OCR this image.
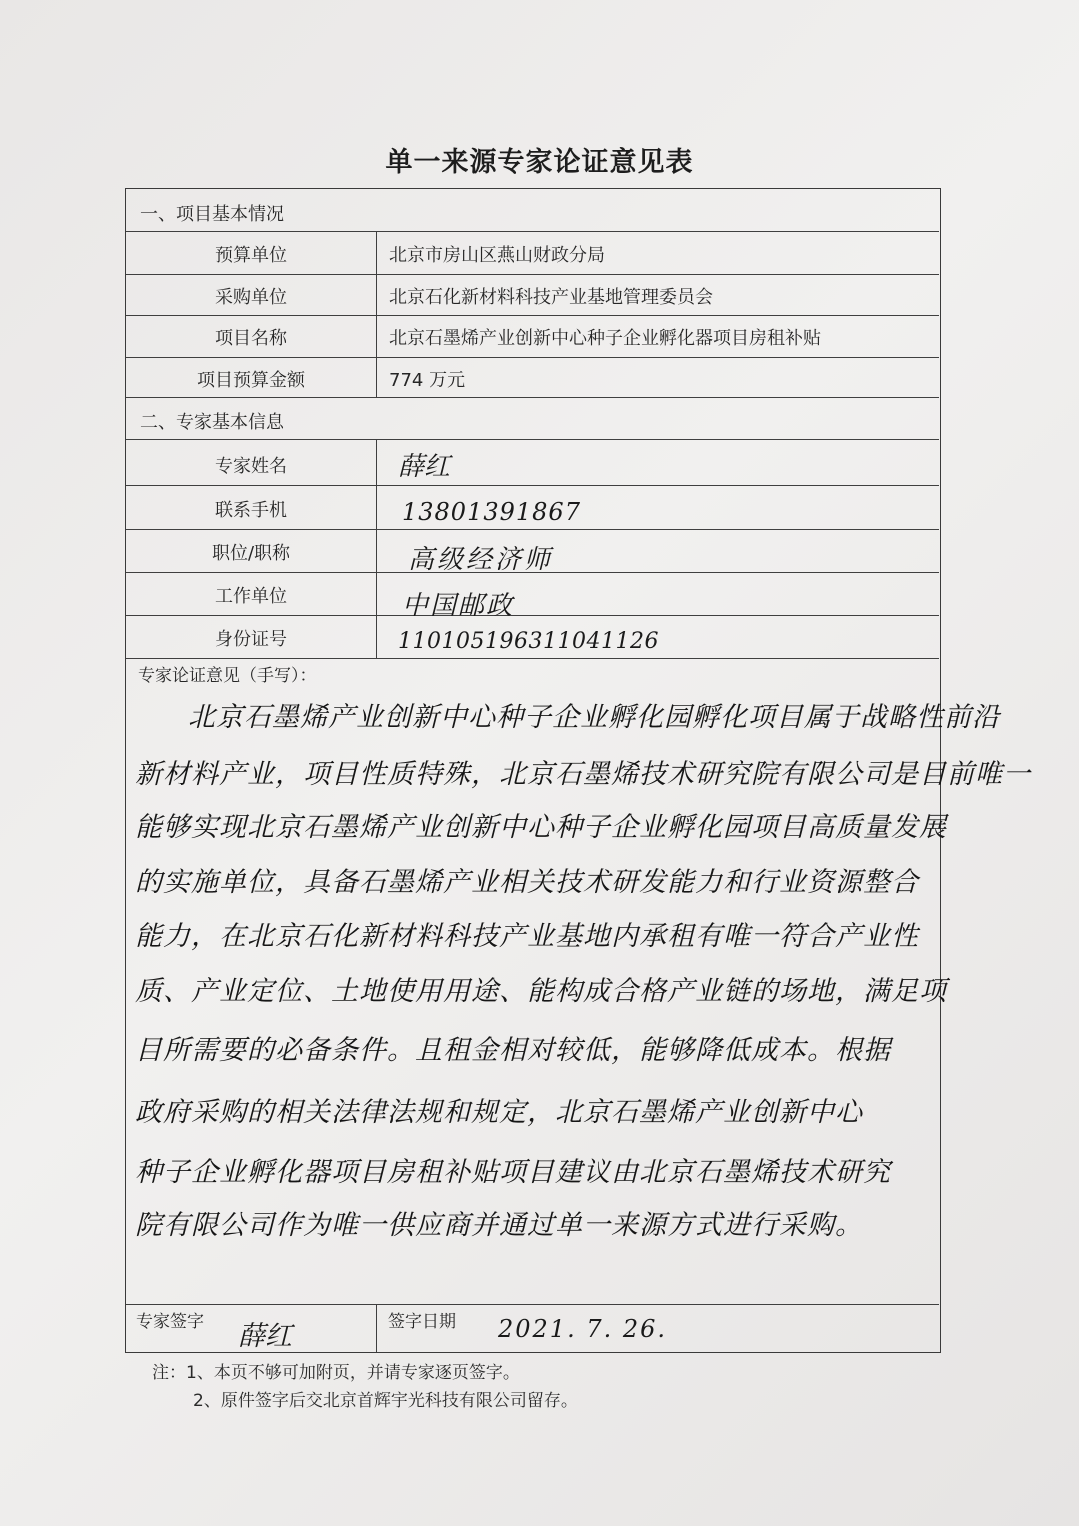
单一来源专家论证意见表
一、项目基本情况
预算单位	北京市房山区燕山财政分局
采购单位	北京石化新材料科技产业基地管理委员会
项目名称	北京石墨烯产业创新中心种子企业孵化器项目房租补贴
项目预算金额	774 万元
二、专家基本信息
专家姓名	薛红
联系手机	13801391867
职位/职称	高级经济师
工作单位	中国邮政
身份证号	110105196311041126
专家论证意见（手写）：
专家签字 薛红	签字日期 2021. 7. 26.
北京石墨烯产业创新中心种子企业孵化园孵化项目属于战略性前沿
新材料产业，项目性质特殊，北京石墨烯技术研究院有限公司是目前唯一
能够实现北京石墨烯产业创新中心种子企业孵化园项目高质量发展
的实施单位，具备石墨烯产业相关技术研发能力和行业资源整合
能力，在北京石化新材料科技产业基地内承租有唯一符合产业性
质、产业定位、土地使用用途、能构成合格产业链的场地，满足项
目所需要的必备条件。且租金相对较低，能够降低成本。根据
政府采购的相关法律法规和规定，北京石墨烯产业创新中心
种子企业孵化器项目房租补贴项目建议由北京石墨烯技术研究
院有限公司作为唯一供应商并通过单一来源方式进行采购。
注：1、本页不够可加附页，并请专家逐页签字。
2、原件签字后交北京首辉宇光科技有限公司留存。
